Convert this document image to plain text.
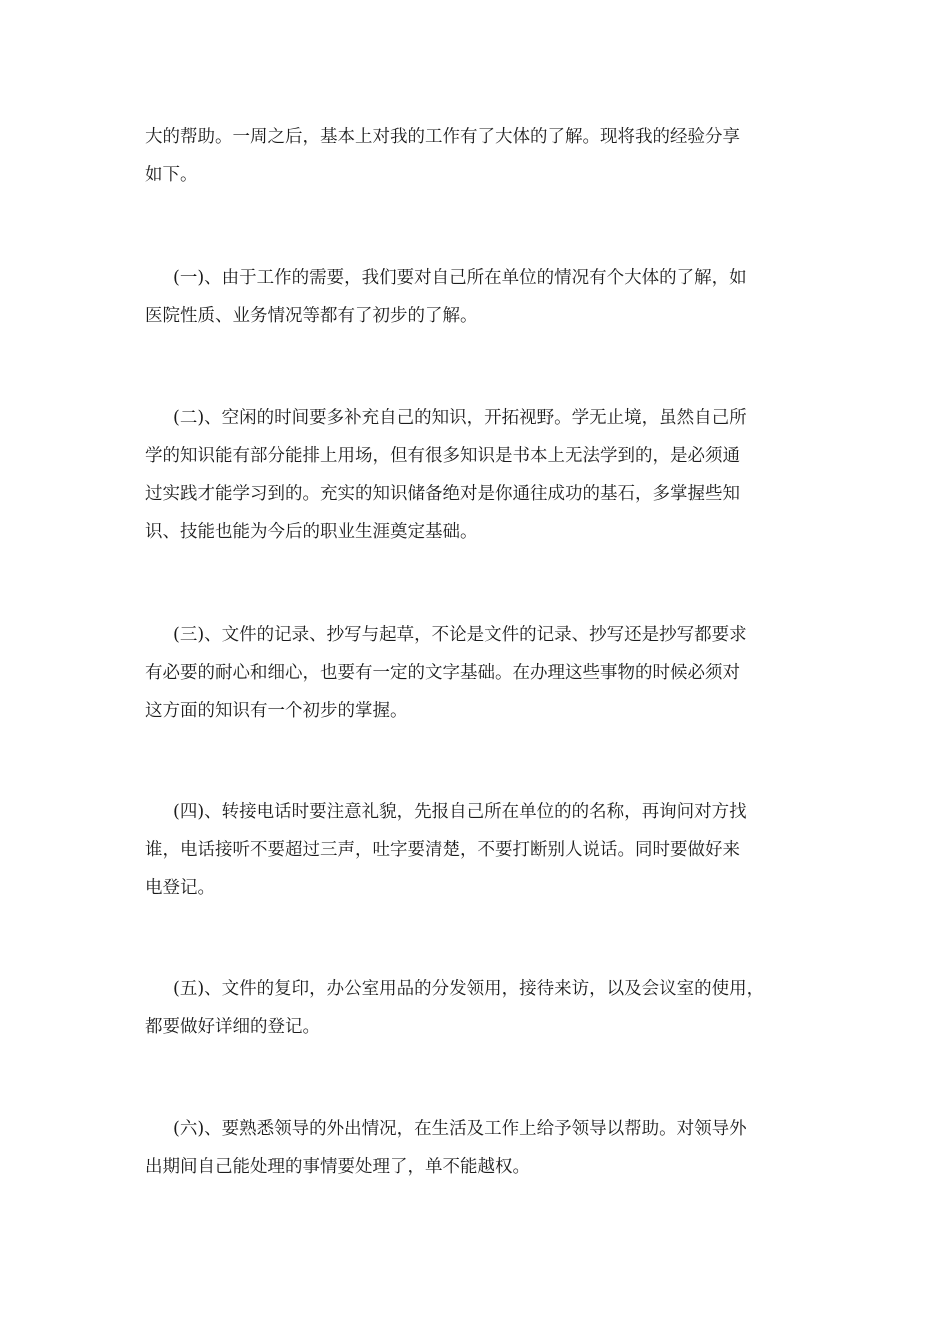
大的帮助。一周之后，基本上对我的工作有了大体的了解。现将我的经验分享
如下。

(一)、由于工作的需要，我们要对自己所在单位的情况有个大体的了解，如
医院性质、业务情况等都有了初步的了解。

(二)、空闲的时间要多补充自己的知识，开拓视野。学无止境，虽然自己所
学的知识能有部分能排上用场，但有很多知识是书本上无法学到的，是必须通
过实践才能学习到的。充实的知识储备绝对是你通往成功的基石，多掌握些知
识、技能也能为今后的职业生涯奠定基础。

(三)、文件的记录、抄写与起草，不论是文件的记录、抄写还是抄写都要求
有必要的耐心和细心，也要有一定的文字基础。在办理这些事物的时候必须对
这方面的知识有一个初步的掌握。

(四)、转接电话时要注意礼貌，先报自己所在单位的的名称，再询问对方找
谁，电话接听不要超过三声，吐字要清楚，不要打断别人说话。同时要做好来
电登记。

(五)、文件的复印，办公室用品的分发领用，接待来访，以及会议室的使用，
都要做好详细的登记。

(六)、要熟悉领导的外出情况，在生活及工作上给予领导以帮助。对领导外
出期间自己能处理的事情要处理了，单不能越权。
